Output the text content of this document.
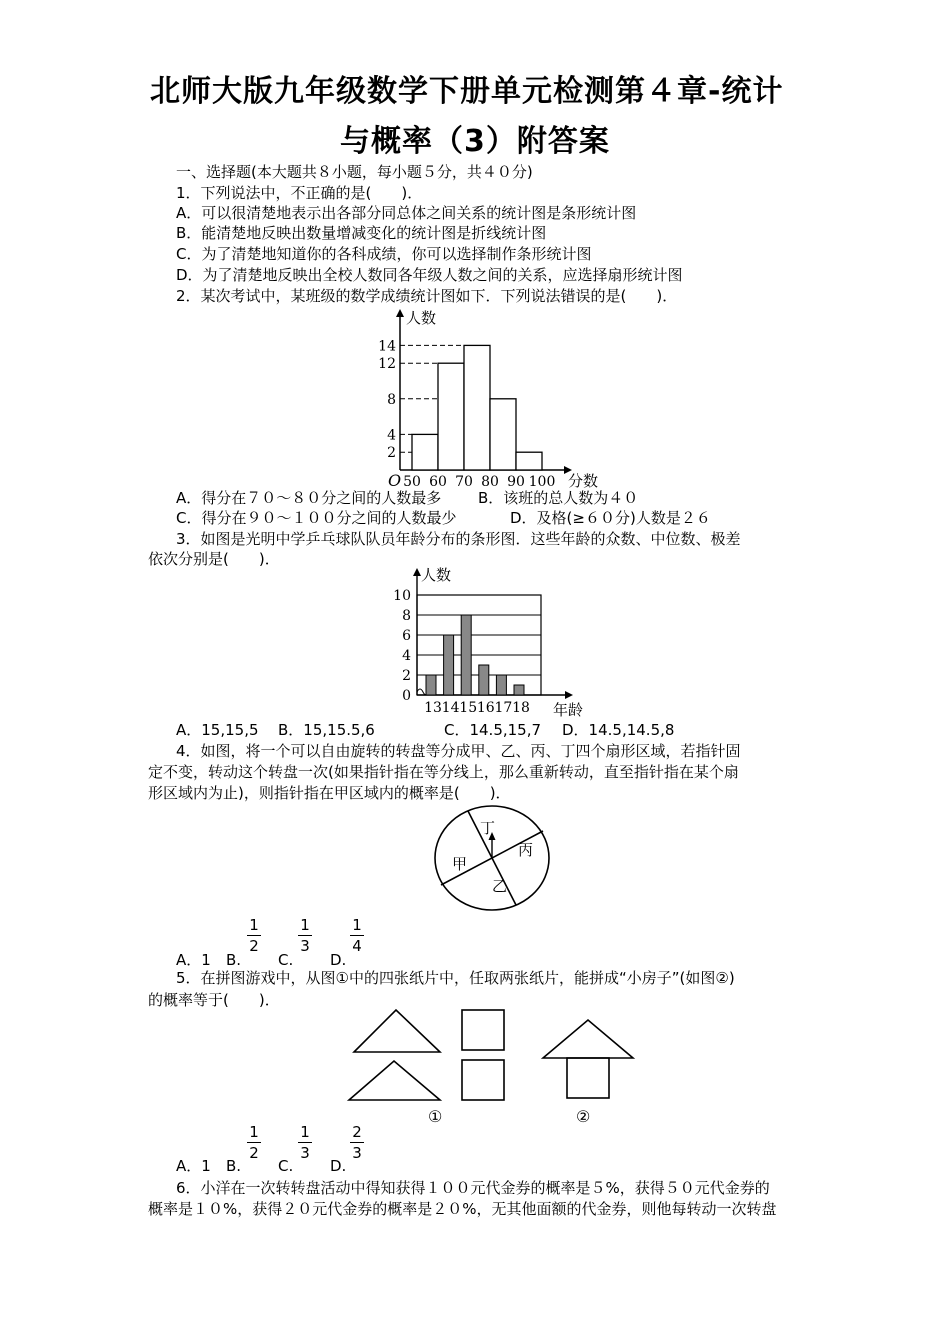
北师大版九年级数学下册单元检测第４章-统计
与概率（3）附答案
一、选择题(本大题共８小题，每小题５分，共４０分)
1．下列说法中，不正确的是(　　)．
A．可以很清楚地表示出各部分同总体之间关系的统计图是条形统计图
B．能清楚地反映出数量增减变化的统计图是折线统计图
C．为了清楚地知道你的各科成绩，你可以选择制作条形统计图
D．为了清楚地反映出全校人数同各年级人数之间的关系，应选择扇形统计图
2．某次考试中，某班级的数学成绩统计图如下．下列说法错误的是(　　)．
人数
分数
O
2
4
8
12
14
50 60 70 80 90 100
A．得分在７０～８０分之间的人数最多 B．该班的总人数为４０
C．得分在９０～１００分之间的人数最少	D．及格(≥６０分)人数是２６
3．如图是光明中学乒乓球队队员年龄分布的条形图．这些年龄的众数、中位数、极差
依次分别是(　　)．
人数
年龄
0
2
4
6
8
10
13 14 15 16 17 18
A．15,15,5 B．15,15.5,6	C．14.5,15,7 D．14.5,14.5,8
4．如图，将一个可以自由旋转的转盘等分成甲、乙、丙、丁四个扇形区域，若指针固
定不变，转动这个转盘一次(如果指针指在等分线上，那么重新转动，直至指针指在某个扇
形区域内为止)，则指针指在甲区域内的概率是(　　)．
丁
丙
乙
甲
A．1 B.
1
2
C.
1
3
D.
1
4
5．在拼图游戏中，从图①中的四张纸片中，任取两张纸片，能拼成“小房子”(如图②)
的概率等于(　　)．
①	②
A．1 B.
1
2
C.
1
3
D.
2
3
6．小洋在一次转转盘活动中得知获得１００元代金券的概率是５%，获得５０元代金券的
概率是１０%，获得２０元代金券的概率是２０%，无其他面额的代金券，则他每转动一次转盘
